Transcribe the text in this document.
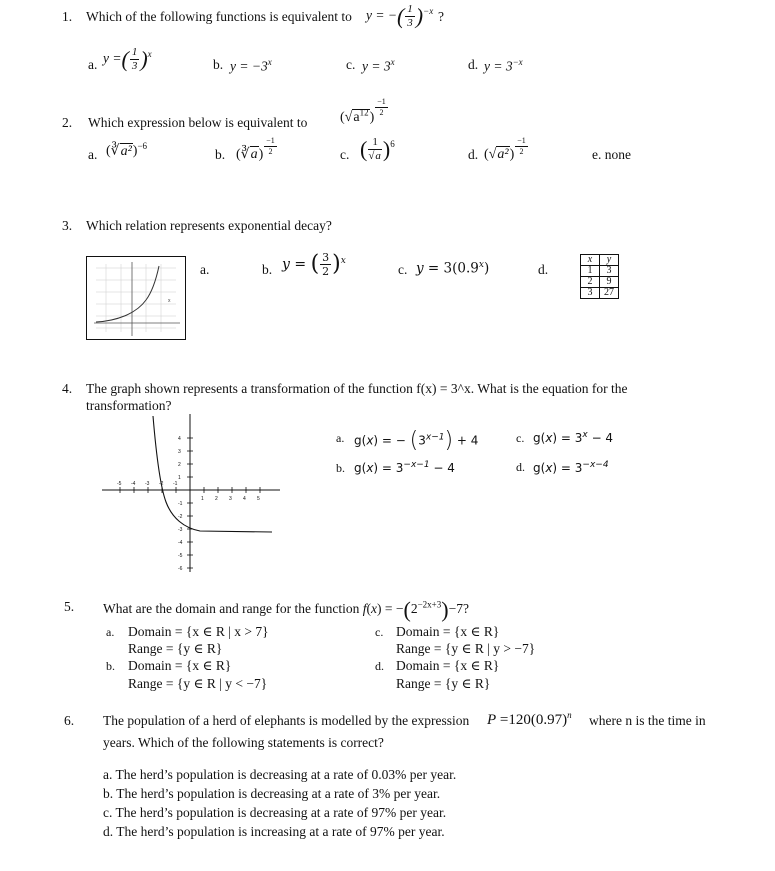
1. Which of the following functions is equivalent to y = −( $\frac{1}{3} )^{-x}$ ?
a. y =( $\frac{1}{3} )^x$
b. $y = -3^x$	c. $y = 3^x$	d. $y = 3^{-x}$
2. Which expression below is equivalent to $(√a^{12})$
$^{\frac{-1}{2}}$
a. (∛a²)$^{-6}$
b. (∛a) $^{\frac{-1}{2}}$	c. ( $\frac{1}{√a} )^6$
d. (√a²) $^{\frac{-1}{2}}$	e. none
3. Which relation represents exponential decay?
x
a.	b. y = ( $\frac{3}{2} )^x$
c. $y = 3(0.9^x)$	d.
x	y
1	3
2	9
3	27
4. The graph shown represents a transformation of the function f(x) = 3^x. What is the equation for the
transformation?
-5 -4 -3 -2 -1
1 2 3 4 5
4
3
2
1
-1
-2
-3
-4
-5
-6
a. g(x) = − $(3^{x-1}) + 4$
b. $g(x) = 3^{-x-1} - 4$
c. $g(x) = 3^x - 4$
d. $g(x) = 3^{-x-4}$
5. What are the domain and range for the function $f(x) = -(2^{-2x+3})-7$?
a. Domain = {x ∈ R | x > 7}
Range = {y ∈ R}
b. Domain = {x ∈ R}
Range = {y ∈ R | y < −7}
c. Domain = {x ∈ R}
Range = {y ∈ R | y > −7}
d. Domain = {x ∈ R}
Range = {y ∈ R}
6. The population of a herd of elephants is modelled by the expression $P =120(0.97)^n$ where n is the time in
years. Which of the following statements is correct?
a. The herd’s population is decreasing at a rate of 0.03% per year.
b. The herd’s population is decreasing at a rate of 3% per year.
c. The herd’s population is decreasing at a rate of 97% per year.
d. The herd’s population is increasing at a rate of 97% per year.
